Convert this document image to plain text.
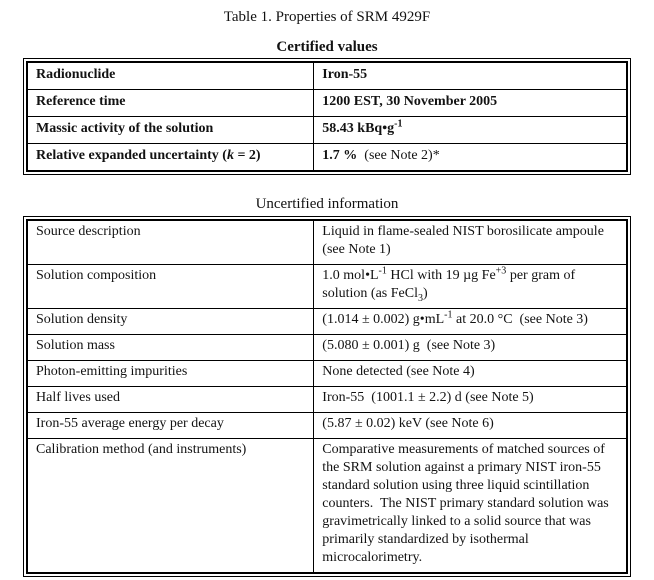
Table 1. Properties of SRM 4929F
Certified values
Radionuclide	Iron-55
Reference time	1200 EST, 30 November 2005
Massic activity of the solution	58.43 $kBq•g^{-1}$
Relative expanded uncertainty (k = 2)	1.7 %  (see Note 2)*
Uncertified information
Source description	Liquid in flame-sealed NIST borosilicate ampoule (see Note 1)
Solution composition	1.0 $mol•L^{-1}$ HCl with 19 µg $Fe^{+3}$ per gram of solution (as FeCl$_3$)
Solution density	(1.014 ± 0.002) $g•mL^{-1}$ at 20.0 °C  (see Note 3)
Solution mass	(5.080 ± 0.001) g  (see Note 3)
Photon-emitting impurities	None detected (see Note 4)
Half lives used	Iron-55  (1001.1 ± 2.2) d (see Note 5)
Iron-55 average energy per decay	(5.87 ± 0.02) keV (see Note 6)
Calibration method (and instruments)	Comparative measurements of matched sources of the SRM solution against a primary NIST iron-55 standard solution using three liquid scintillation counters.  The NIST primary standard solution was gravimetrically linked to a solid source that was primarily standardized by isothermal microcalorimetry.
